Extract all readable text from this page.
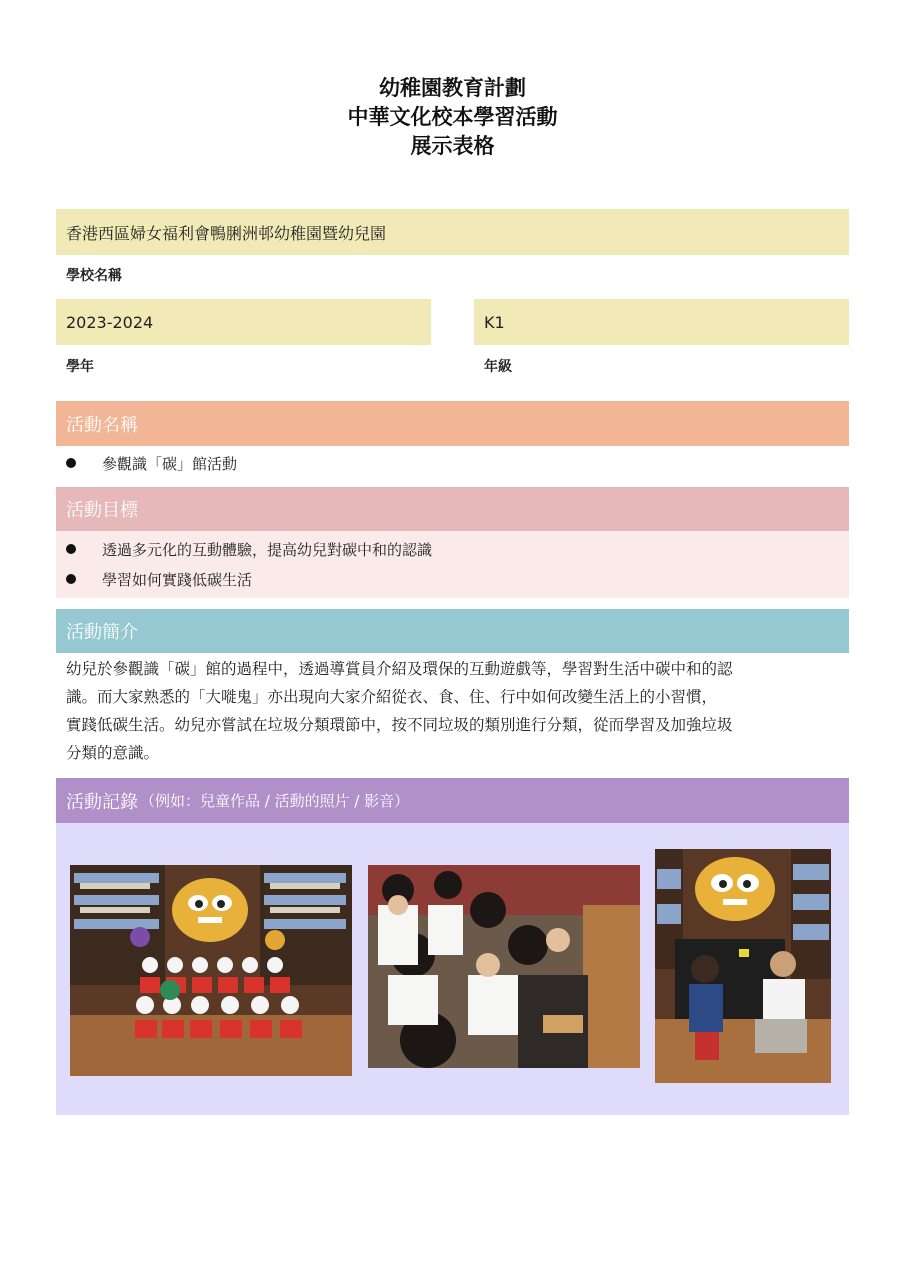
幼稚園教育計劃
中華文化校本學習活動
展示表格
香港西區婦女福利會鴨脷洲邨幼稚園暨幼兒園
學校名稱
2023-2024
學年
K1
年級
活動名稱
參觀識「碳」館活動
活動目標
透過多元化的互動體驗，提高幼兒對碳中和的認識
學習如何實踐低碳生活
活動簡介

幼兒於參觀識「碳」館的過程中，透過導賞員介紹及環保的互動遊戲等，學習對生活中碳中和的認

識。而大家熟悉的「大嘥鬼」亦出現向大家介紹從衣、食、住、行中如何改變生活上的小習慣，

實踐低碳生活。幼兒亦嘗試在垃圾分類環節中，按不同垃圾的類別進行分類，從而學習及加強垃圾

分類的意識。

活動記錄 （例如：兒童作品 / 活動的照片 / 影音）
